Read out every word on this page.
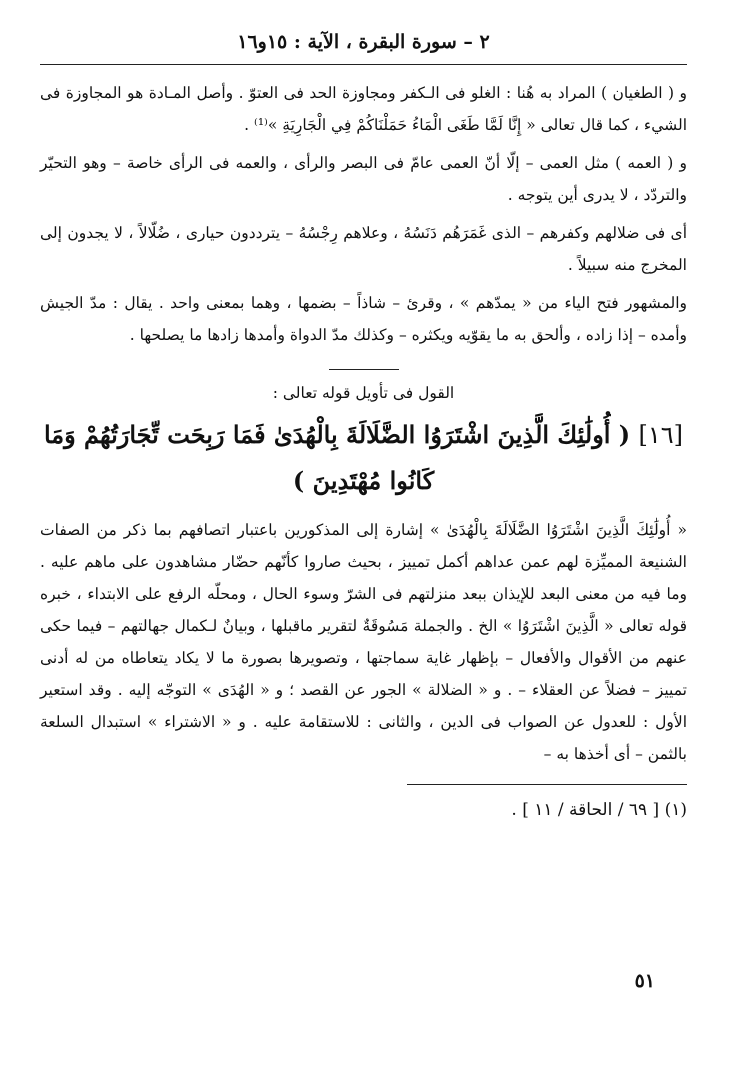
٢ – سورة البقرة ، الآية : ١٥و١٦

و ( الطغيان ) المراد به هُنا : الغلو فى الـكفر ومجاوزة الحد فى العتوّ . وأصل المـادة هو المجاوزة فى الشيء ، كما قال تعالى « إِنَّا لَمَّا طَغَى الْمَاءُ حَمَلْنَاكُمْ فِي الْجَارِيَةِ »⁽¹⁾ .

و ( العمه ) مثل العمى – إلّا أنّ العمى عامّ فى البصر والرأى ، والعمه فى الرأى خاصة – وهو التحيّر والتردّد ، لا يدرى أين يتوجه .

أى فى ضلالهم وكفرهم – الذى غَمَرَهُم دَنَسُهُ ، وعلاهم رِجْسُهُ – يترددون حيارى ، ضُلّالاً ، لا يجدون إلى المخرج منه سبيلاً .

والمشهور فتح الياء من « يمدّهم » ، وقرئ – شاذاً – بضمها ، وهما بمعنى واحد . يقال : مدّ الجيش وأمده – إذا زاده ، وألحق به ما يقوّيه ويكثره – وكذلك مدّ الدواة وأمدها زادها ما يصلحها .

القول فى تأويل قوله تعالى :
[١٦] ( أُولَٰئِكَ الَّذِينَ اشْتَرَوُا الضَّلَالَةَ بِالْهُدَىٰ فَمَا رَبِحَت تِّجَارَتُهُمْ وَمَا كَانُوا مُهْتَدِينَ )

« أُولَٰئِكَ الَّذِينَ اشْتَرَوُا الضَّلَالَةَ بِالْهُدَىٰ » إشارة إلى المذكورين باعتبار اتصافهم بما ذكر من الصفات الشنيعة المميِّزة لهم عمن عداهم أكمل تمييز ، بحيث صاروا كأنّهم حضّار مشاهدون على ماهم عليه . وما فيه من معنى البعد للإيذان ببعد منزلتهم فى الشرّ وسوء الحال ، ومحلّه الرفع على الابتداء ، خبره قوله تعالى « الَّذِينَ اشْتَرَوُا » الخ . والجملة مَسُوقَةٌ لتقرير ماقبلها ، وبيانٌ لـكمال جهالتهم – فيما حكى عنهم من الأقوال والأفعال – بإظهار غاية سماجتها ، وتصويرها بصورة ما لا يكاد يتعاطاه من له أدنى تمييز – فضلاً عن العقلاء – . و « الضلالة » الجور عن القصد ؛ و « الهُدَى » التوجّه إليه . وقد استعير الأول : للعدول عن الصواب فى الدين ، والثانى : للاستقامة عليه . و « الاشتراء » استبدال السلعة بالثمن – أى أخذها به –

(١) [ ٦٩ / الحاقة / ١١ ] .

٥١
